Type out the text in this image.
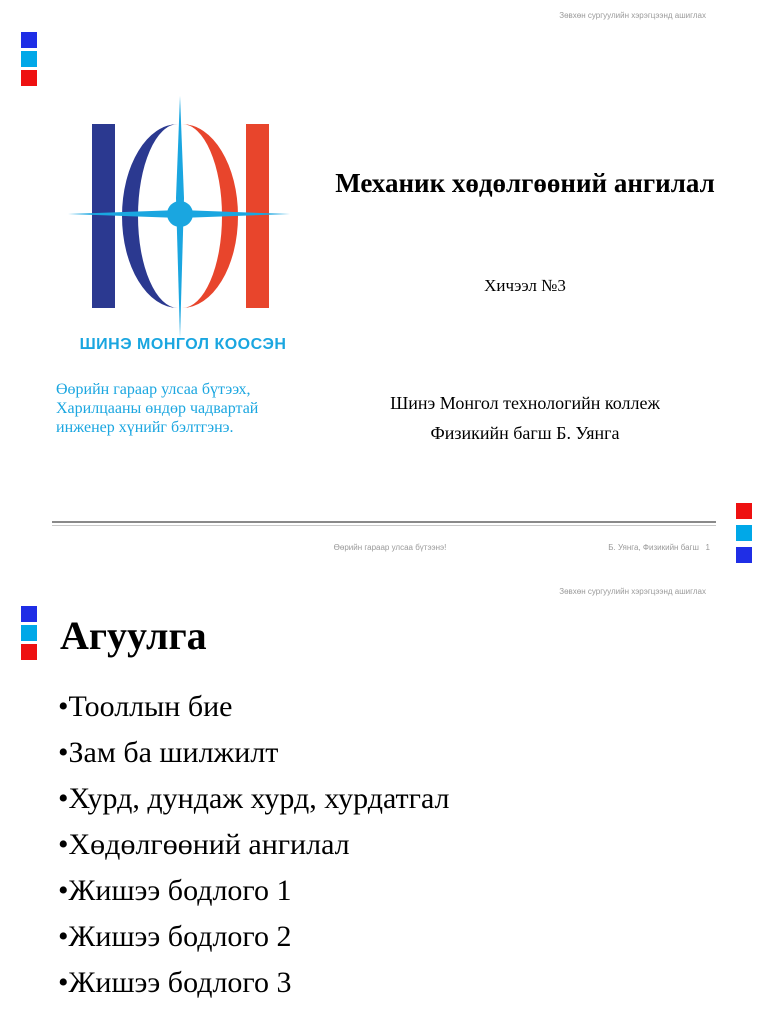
Зөвхөн сургуулийн хэрэгцээнд ашиглах
ШИНЭ МОНГОЛ КООСЭН
Өөрийн гараар улсаа бүтээх,
Харилцааны өндөр чадвартай
инженер хүнийг бэлтгэнэ.
Механик хөдөлгөөний ангилал
Хичээл №3
Шинэ Монгол технологийн коллеж
Физикийн багш Б. Уянга
Өөрийн гараар улсаа бүтээнэ!	Б. Уянга, Физикийн багш 1
Зөвхөн сургуулийн хэрэгцээнд ашиглах
Агуулга
• Тооллын бие
• Зам ба шилжилт
• Хурд, дундаж хурд, хурдатгал
• Хөдөлгөөний ангилал
• Жишээ бодлого 1
• Жишээ бодлого 2
• Жишээ бодлого 3
